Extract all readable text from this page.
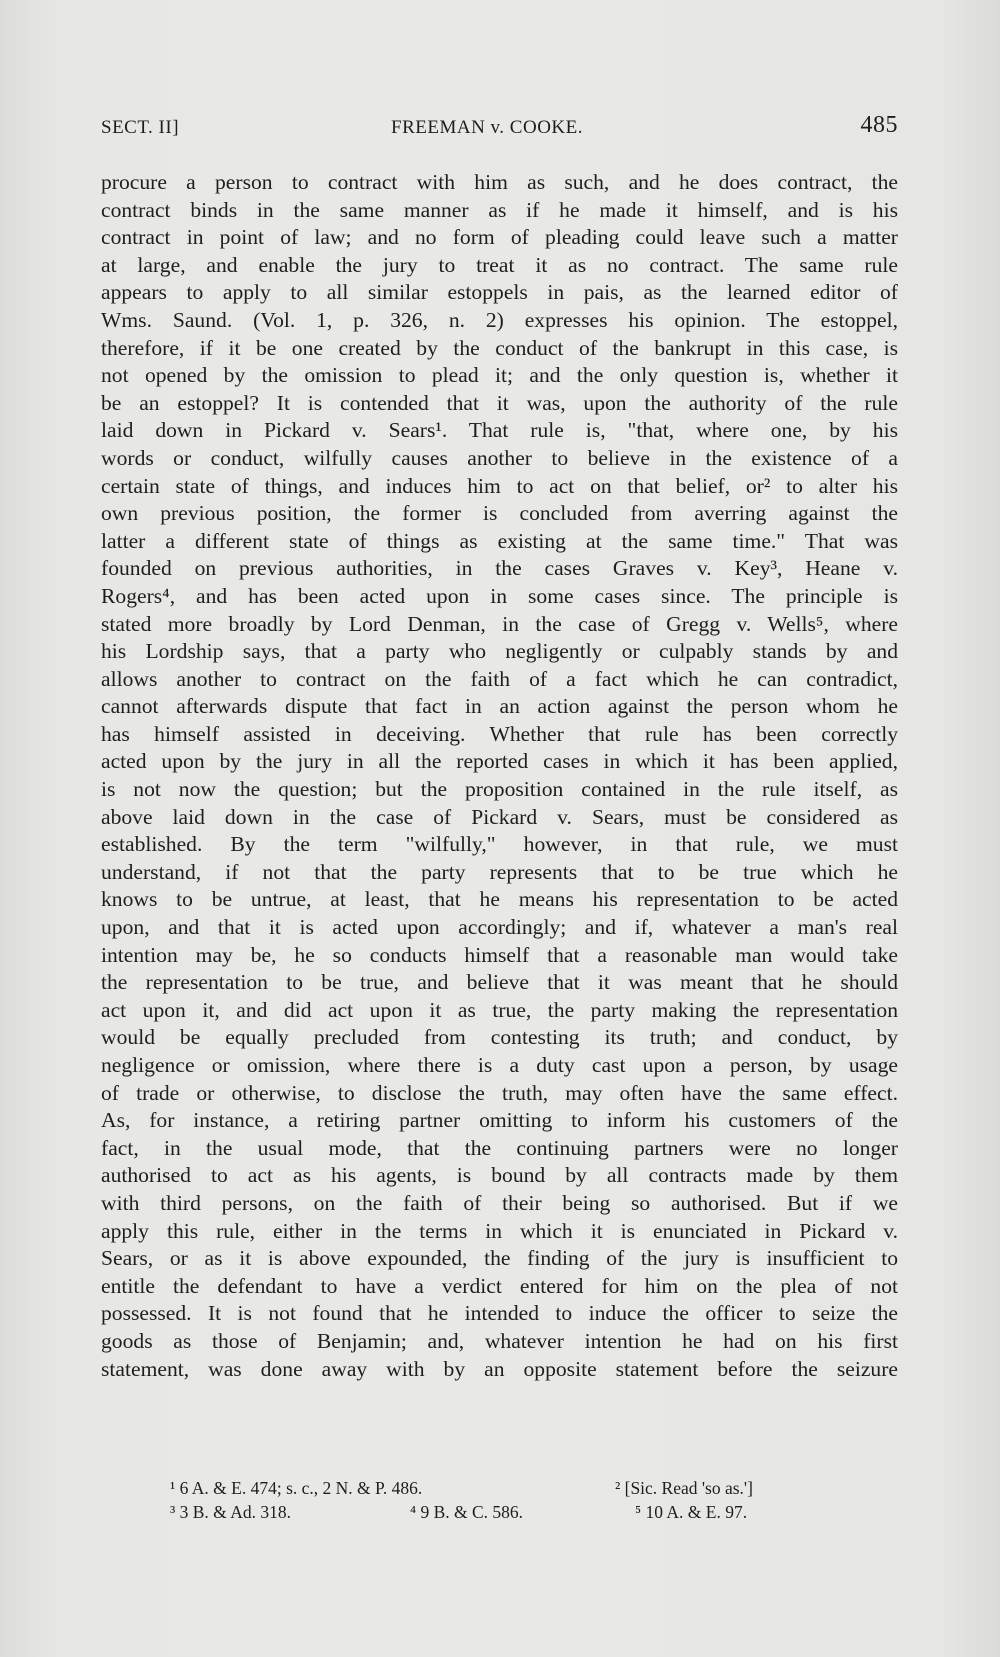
SECT. II]	FREEMAN v. COOKE.	485
procure a person to contract with him as such, and he does contract, the
contract binds in the same manner as if he made it himself, and is his
contract in point of law; and no form of pleading could leave such a matter
at large, and enable the jury to treat it as no contract. The same rule
appears to apply to all similar estoppels in pais, as the learned editor of
Wms. Saund. (Vol. 1, p. 326, n. 2) expresses his opinion. The estoppel,
therefore, if it be one created by the conduct of the bankrupt in this case, is
not opened by the omission to plead it; and the only question is, whether it
be an estoppel? It is contended that it was, upon the authority of the rule
laid down in Pickard v. Sears¹. That rule is, "that, where one, by his
words or conduct, wilfully causes another to believe in the existence of a
certain state of things, and induces him to act on that belief, or² to alter his
own previous position, the former is concluded from averring against the
latter a different state of things as existing at the same time." That was
founded on previous authorities, in the cases Graves v. Key³, Heane v.
Rogers⁴, and has been acted upon in some cases since. The principle is
stated more broadly by Lord Denman, in the case of Gregg v. Wells⁵, where
his Lordship says, that a party who negligently or culpably stands by and
allows another to contract on the faith of a fact which he can contradict,
cannot afterwards dispute that fact in an action against the person whom he
has himself assisted in deceiving. Whether that rule has been correctly
acted upon by the jury in all the reported cases in which it has been applied,
is not now the question; but the proposition contained in the rule itself, as
above laid down in the case of Pickard v. Sears, must be considered as
established. By the term "wilfully," however, in that rule, we must
understand, if not that the party represents that to be true which he
knows to be untrue, at least, that he means his representation to be acted
upon, and that it is acted upon accordingly; and if, whatever a man's real
intention may be, he so conducts himself that a reasonable man would take
the representation to be true, and believe that it was meant that he should
act upon it, and did act upon it as true, the party making the representation
would be equally precluded from contesting its truth; and conduct, by
negligence or omission, where there is a duty cast upon a person, by usage
of trade or otherwise, to disclose the truth, may often have the same effect.
As, for instance, a retiring partner omitting to inform his customers of the
fact, in the usual mode, that the continuing partners were no longer
authorised to act as his agents, is bound by all contracts made by them
with third persons, on the faith of their being so authorised. But if we
apply this rule, either in the terms in which it is enunciated in Pickard v.
Sears, or as it is above expounded, the finding of the jury is insufficient to
entitle the defendant to have a verdict entered for him on the plea of not
possessed. It is not found that he intended to induce the officer to seize the
goods as those of Benjamin; and, whatever intention he had on his first
statement, was done away with by an opposite statement before the seizure
¹ 6 A. & E. 474; s. c., 2 N. & P. 486.	² [Sic. Read 'so as.']
³ 3 B. & Ad. 318.	⁴ 9 B. & C. 586.	⁵ 10 A. & E. 97.
